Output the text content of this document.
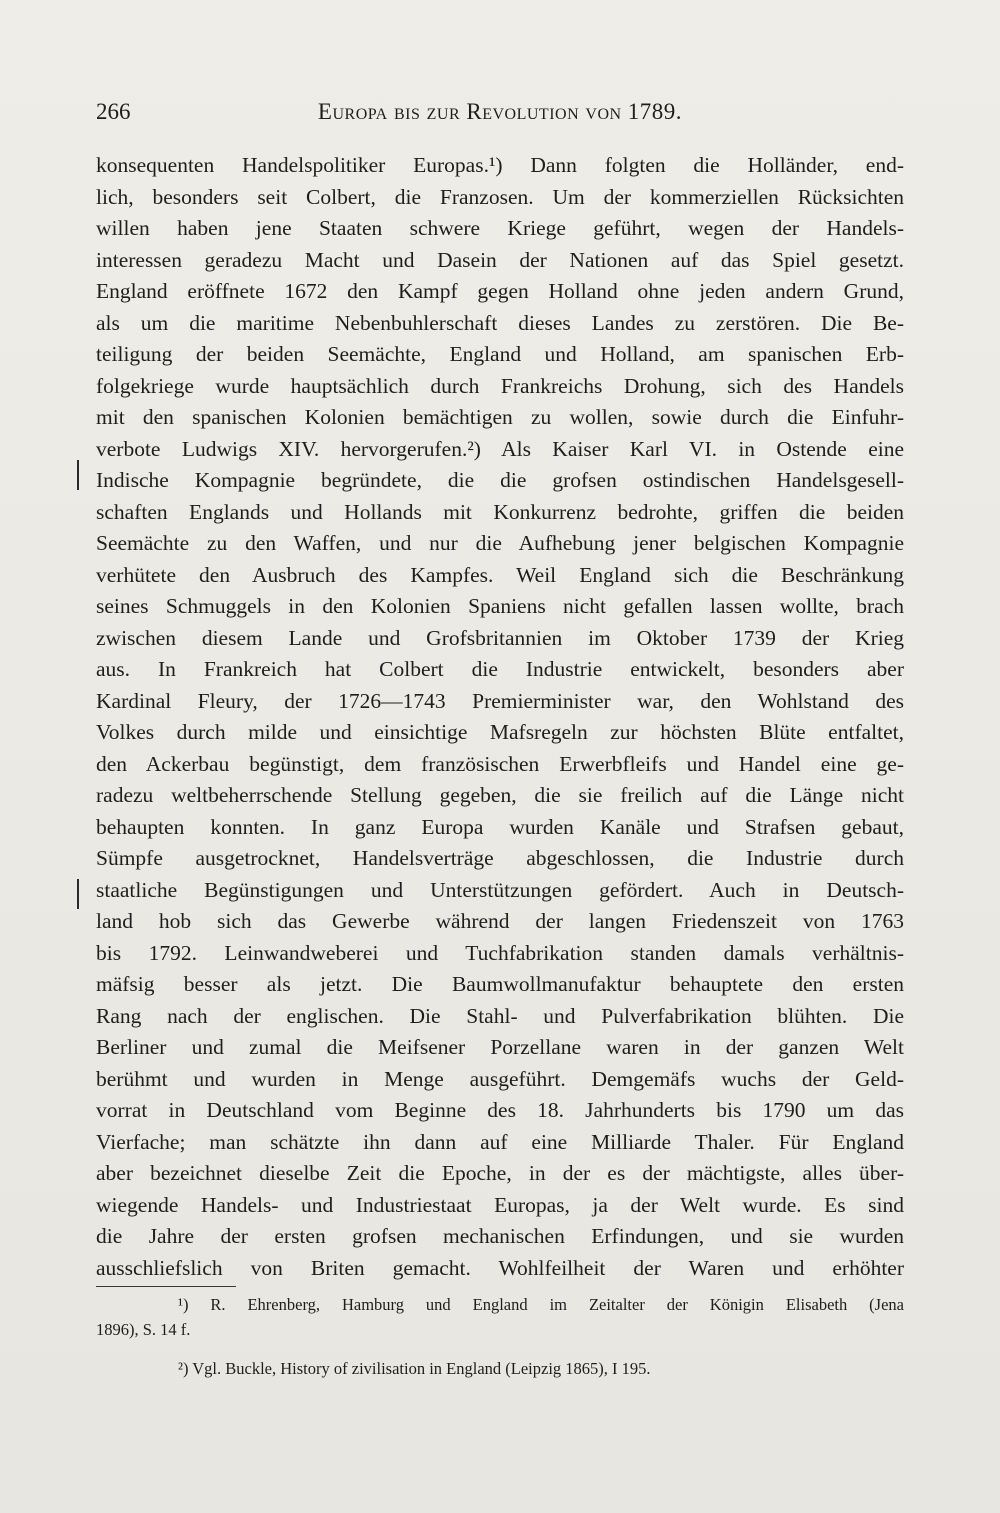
266	Europa bis zur Revolution von 1789.
konsequenten Handelspolitiker Europas.¹) Dann folgten die Holländer, end-
lich, besonders seit Colbert, die Franzosen. Um der kommerziellen Rücksichten
willen haben jene Staaten schwere Kriege geführt, wegen der Handels-
interessen geradezu Macht und Dasein der Nationen auf das Spiel gesetzt.
England eröffnete 1672 den Kampf gegen Holland ohne jeden andern Grund,
als um die maritime Nebenbuhlerschaft dieses Landes zu zerstören. Die Be-
teiligung der beiden Seemächte, England und Holland, am spanischen Erb-
folgekriege wurde hauptsächlich durch Frankreichs Drohung, sich des Handels
mit den spanischen Kolonien bemächtigen zu wollen, sowie durch die Einfuhr-
verbote Ludwigs XIV. hervorgerufen.²) Als Kaiser Karl VI. in Ostende eine
Indische Kompagnie begründete, die die grofsen ostindischen Handelsgesell-
schaften Englands und Hollands mit Konkurrenz bedrohte, griffen die beiden
Seemächte zu den Waffen, und nur die Aufhebung jener belgischen Kompagnie
verhütete den Ausbruch des Kampfes. Weil England sich die Beschränkung
seines Schmuggels in den Kolonien Spaniens nicht gefallen lassen wollte, brach
zwischen diesem Lande und Grofsbritannien im Oktober 1739 der Krieg
aus. In Frankreich hat Colbert die Industrie entwickelt, besonders aber
Kardinal Fleury, der 1726—1743 Premierminister war, den Wohlstand des
Volkes durch milde und einsichtige Mafsregeln zur höchsten Blüte entfaltet,
den Ackerbau begünstigt, dem französischen Erwerbfleifs und Handel eine ge-
radezu weltbeherrschende Stellung gegeben, die sie freilich auf die Länge nicht
behaupten konnten. In ganz Europa wurden Kanäle und Strafsen gebaut,
Sümpfe ausgetrocknet, Handelsverträge abgeschlossen, die Industrie durch
staatliche Begünstigungen und Unterstützungen gefördert. Auch in Deutsch-
land hob sich das Gewerbe während der langen Friedenszeit von 1763
bis 1792. Leinwandweberei und Tuchfabrikation standen damals verhältnis-
mäfsig besser als jetzt. Die Baumwollmanufaktur behauptete den ersten
Rang nach der englischen. Die Stahl- und Pulverfabrikation blühten. Die
Berliner und zumal die Meifsener Porzellane waren in der ganzen Welt
berühmt und wurden in Menge ausgeführt. Demgemäfs wuchs der Geld-
vorrat in Deutschland vom Beginne des 18. Jahrhunderts bis 1790 um das
Vierfache; man schätzte ihn dann auf eine Milliarde Thaler. Für England
aber bezeichnet dieselbe Zeit die Epoche, in der es der mächtigste, alles über-
wiegende Handels- und Industriestaat Europas, ja der Welt wurde. Es sind
die Jahre der ersten grofsen mechanischen Erfindungen, und sie wurden
ausschliefslich von Briten gemacht. Wohlfeilheit der Waren und erhöhter
¹) R. Ehrenberg, Hamburg und England im Zeitalter der Königin Elisabeth (Jena
1896), S. 14 f.
²) Vgl. Buckle, History of zivilisation in England (Leipzig 1865), I 195.
